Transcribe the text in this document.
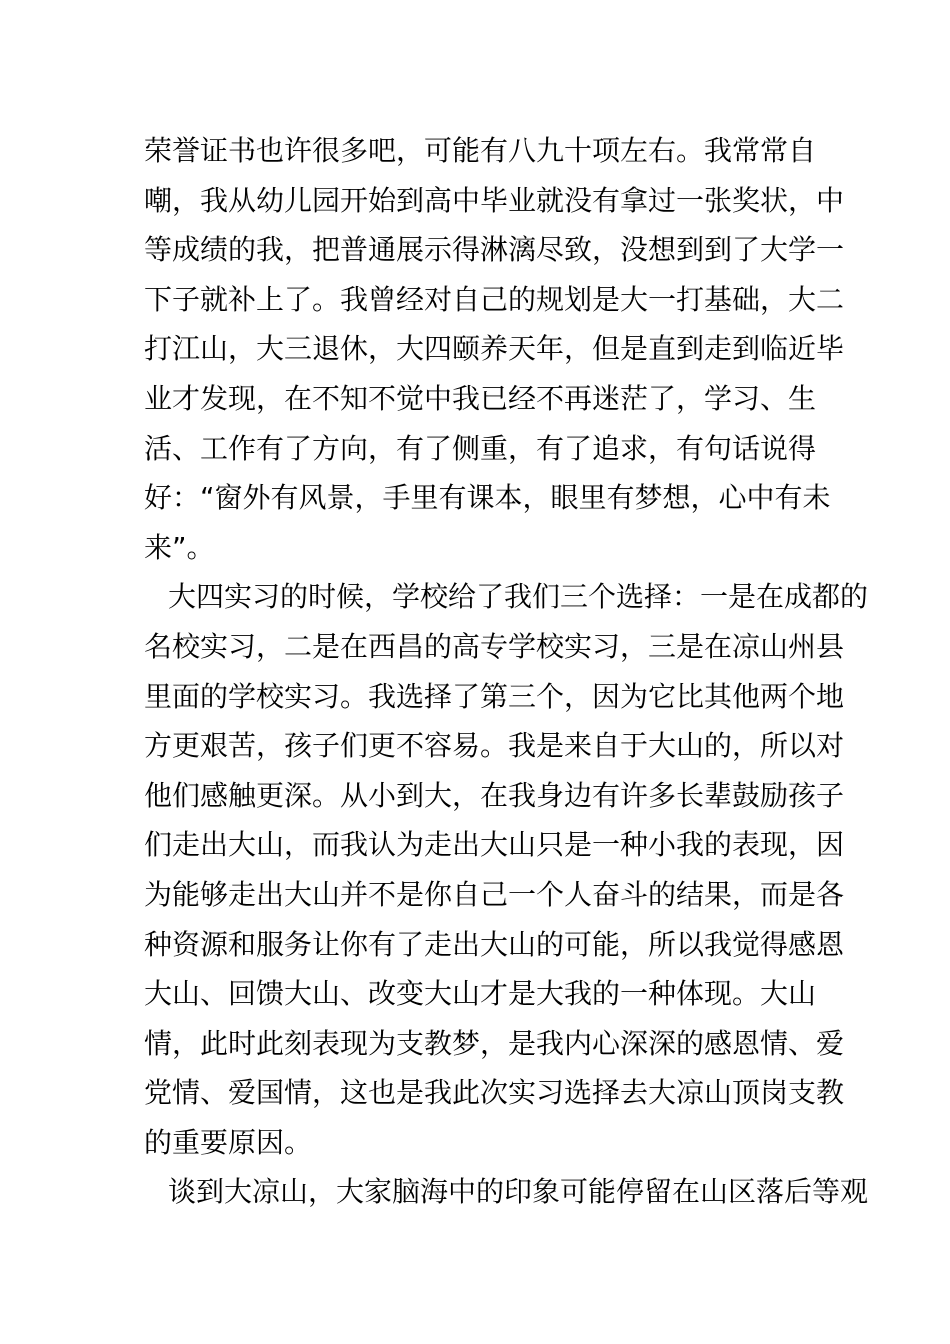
荣誉证书也许很多吧，可能有八九十项左右。我常常自
嘲，我从幼儿园开始到高中毕业就没有拿过一张奖状，中
等成绩的我，把普通展示得淋漓尽致，没想到到了大学一
下子就补上了。我曾经对自己的规划是大一打基础，大二
打江山，大三退休，大四颐养天年，但是直到走到临近毕
业才发现，在不知不觉中我已经不再迷茫了，学习、生
活、工作有了方向，有了侧重，有了追求，有句话说得
好：“窗外有风景，手里有课本，眼里有梦想，心中有未
来”。
大四实习的时候，学校给了我们三个选择：一是在成都的
名校实习，二是在西昌的高专学校实习，三是在凉山州县
里面的学校实习。我选择了第三个，因为它比其他两个地
方更艰苦，孩子们更不容易。我是来自于大山的，所以对
他们感触更深。从小到大，在我身边有许多长辈鼓励孩子
们走出大山，而我认为走出大山只是一种小我的表现，因
为能够走出大山并不是你自己一个人奋斗的结果，而是各
种资源和服务让你有了走出大山的可能，所以我觉得感恩
大山、回馈大山、改变大山才是大我的一种体现。大山
情，此时此刻表现为支教梦，是我内心深深的感恩情、爱
党情、爱国情，这也是我此次实习选择去大凉山顶岗支教
的重要原因。
谈到大凉山，大家脑海中的印象可能停留在山区落后等观
